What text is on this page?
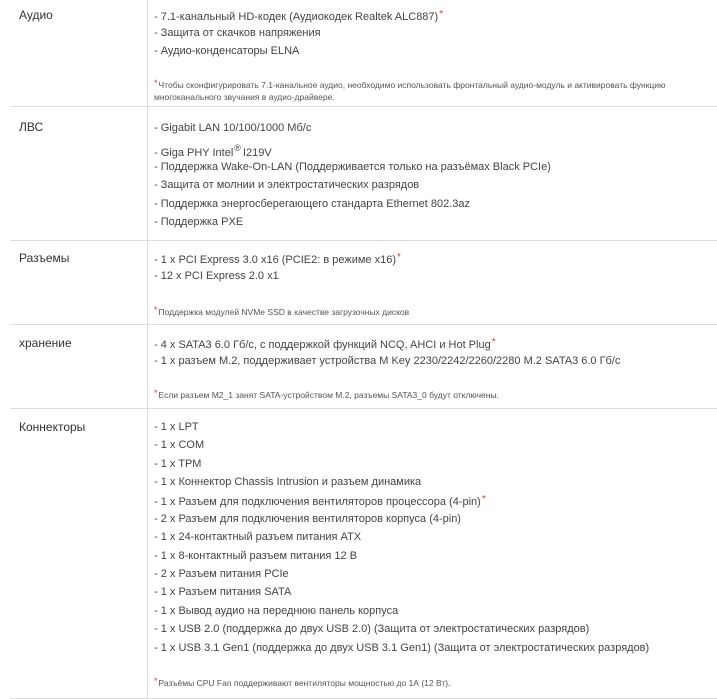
Аудио	- 7.1-канальный HD-кодек (Аудиокодек Realtek ALC887)*
- Защита от скачков напряжения
- Аудио-конденсаторы ELNA
*Чтобы сконфигурировать 7.1-канальное аудио, необходимо использовать фронтальный аудио-модуль и активировать функцию многоканального звучания в аудио-драйвере.
ЛВС	- Gigabit LAN 10/100/1000 Мб/с
- Giga PHY Intel® I219V
- Поддержка Wake-On-LAN (Поддерживается только на разъёмах Black PCIe)
- Защита от молнии и электростатических разрядов
- Поддержка энергосберегающего стандарта Ethernet 802.3az
- Поддержка PXE
Разъемы	- 1 x PCI Express 3.0 x16 (PCIE2: в режиме x16)*
- 12 x PCI Express 2.0 x1
*Поддержка модулей NVMe SSD в качестве загрузочных дисков
хранение	- 4 x SATA3 6.0 Гб/с, с поддержкой функций NCQ, AHCI и Hot Plug*
- 1 x разъем M.2, поддерживает устройства M Key 2230/2242/2260/2280 M.2 SATA3 6.0 Гб/с
*Если разъем M2_1 занят SATA-устройством M.2, разъемы SATA3_0 будут отключены.
Коннекторы	- 1 x LPT
- 1 x COM
- 1 x TPM
- 1 x Коннектор Chassis Intrusion и разъем динамика
- 1 x Разъем для подключения вентиляторов процессора (4-pin)*
- 2 x Разъем для подключения вентиляторов корпуса (4-pin)
- 1 x 24-контактный разъем питания ATX
- 1 x 8-контактный разъем питания 12 В
- 2 x Разъем питания PCIe
- 1 x Разъем питания SATA
- 1 x Вывод аудио на переднюю панель корпуса
- 1 x USB 2.0 (поддержка до двух USB 2.0) (Защита от электростатических разрядов)
- 1 x USB 3.1 Gen1 (поддержка до двух USB 3.1 Gen1) (Защита от электростатических разрядов)
*Разъёмы CPU Fan поддерживают вентиляторы мощностью до 1А (12 Вт).
